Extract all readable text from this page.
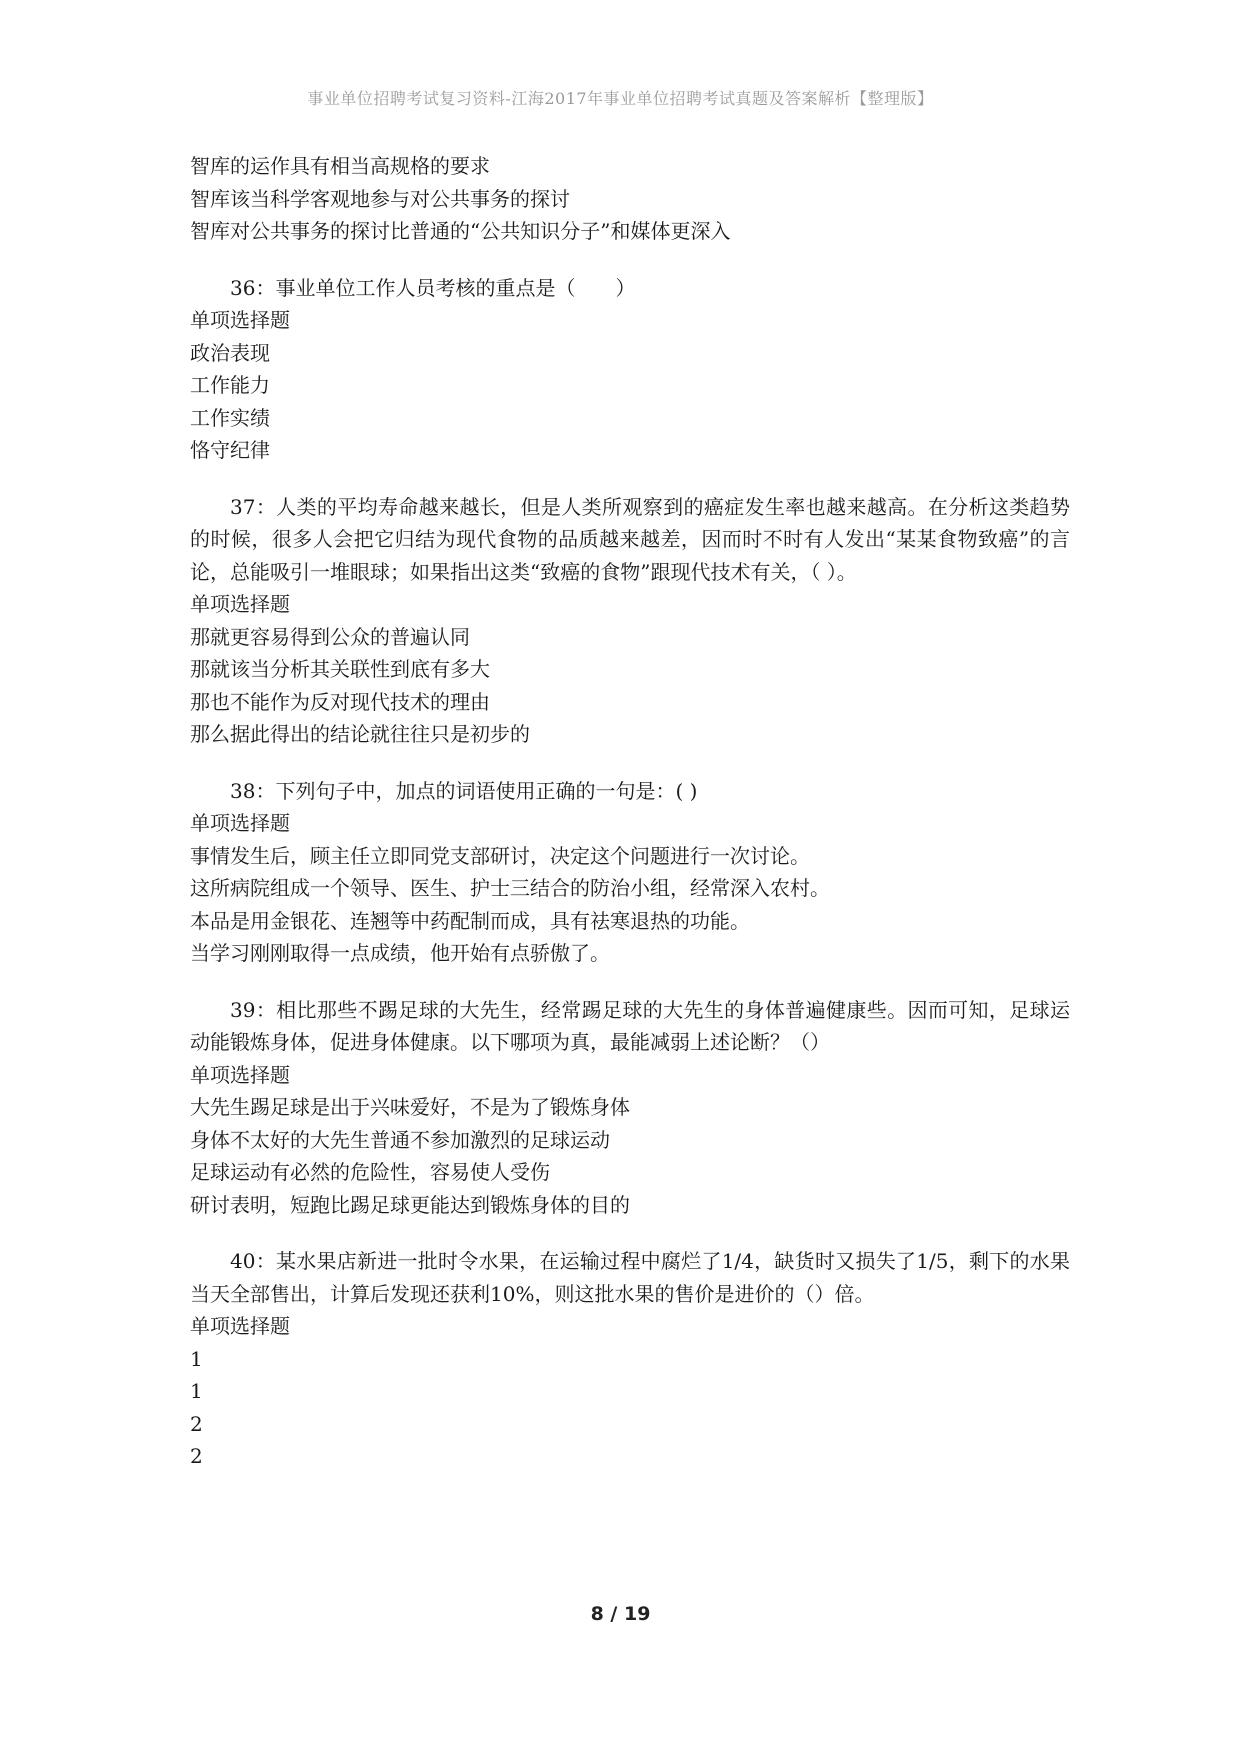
事业单位招聘考试复习资料-江海2017年事业单位招聘考试真题及答案解析【整理版】
智库的运作具有相当高规格的要求
智库该当科学客观地参与对公共事务的探讨
智库对公共事务的探讨比普通的“公共知识分子”和媒体更深入
36：事业单位工作人员考核的重点是（　　）
单项选择题
政治表现
工作能力
工作实绩
恪守纪律
37：人类的平均寿命越来越长，但是人类所观察到的癌症发生率也越来越高。在分析这类趋势的时候，很多人会把它归结为现代食物的品质越来越差，因而时不时有人发出“某某食物致癌”的言论，总能吸引一堆眼球；如果指出这类“致癌的食物”跟现代技术有关，（ ）。
单项选择题
那就更容易得到公众的普遍认同
那就该当分析其关联性到底有多大
那也不能作为反对现代技术的理由
那么据此得出的结论就往往只是初步的
38：下列句子中，加点的词语使用正确的一句是：( )
单项选择题
事情发生后，顾主任立即同党支部研讨，决定这个问题进行一次讨论。
这所病院组成一个领导、医生、护士三结合的防治小组，经常深入农村。
本品是用金银花、连翘等中药配制而成，具有祛寒退热的功能。
当学习刚刚取得一点成绩，他开始有点骄傲了。
39：相比那些不踢足球的大先生，经常踢足球的大先生的身体普遍健康些。因而可知，足球运动能锻炼身体，促进身体健康。以下哪项为真，最能减弱上述论断？（）
单项选择题
大先生踢足球是出于兴味爱好，不是为了锻炼身体
身体不太好的大先生普通不参加激烈的足球运动
足球运动有必然的危险性，容易使人受伤
研讨表明，短跑比踢足球更能达到锻炼身体的目的
40：某水果店新进一批时令水果，在运输过程中腐烂了1/4，缺货时又损失了1/5，剩下的水果当天全部售出，计算后发现还获利10%，则这批水果的售价是进价的（）倍。
单项选择题
1
1
2
2
8 / 19
